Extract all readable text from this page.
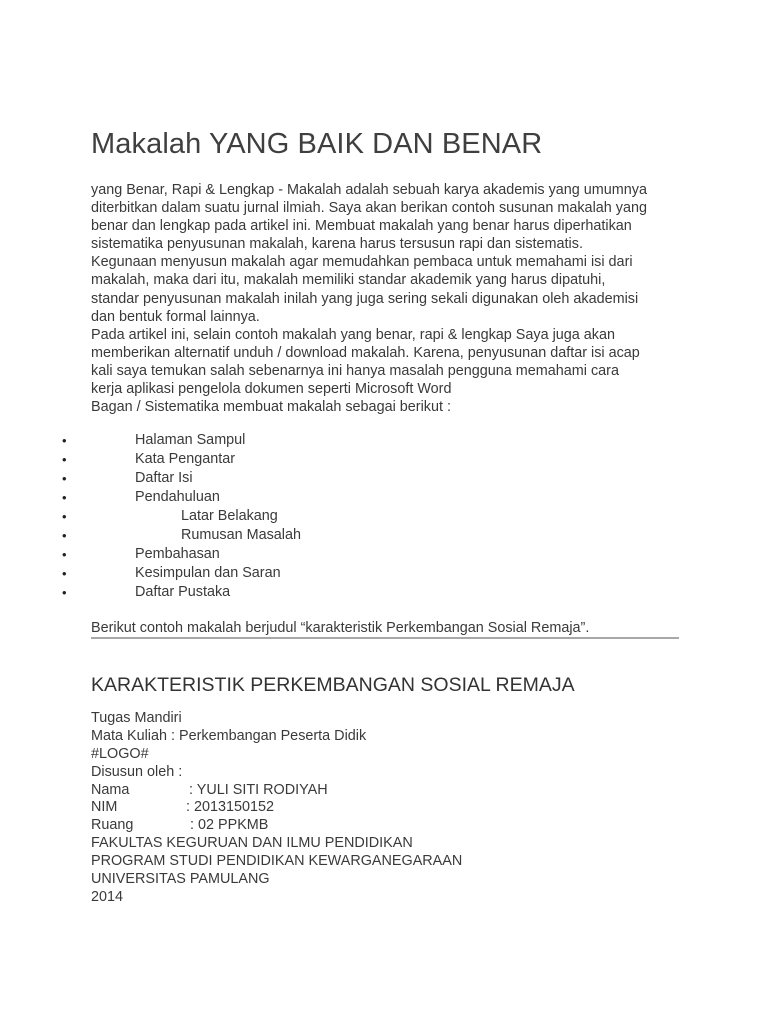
Makalah YANG BAIK DAN BENAR
yang Benar, Rapi & Lengkap - Makalah adalah sebuah karya akademis yang umumnya
diterbitkan dalam suatu jurnal ilmiah. Saya akan berikan contoh susunan makalah yang
benar dan lengkap pada artikel ini. Membuat makalah yang benar harus diperhatikan
sistematika penyusunan makalah, karena harus tersusun rapi dan sistematis.
Kegunaan menyusun makalah agar memudahkan pembaca untuk memahami isi dari
makalah, maka dari itu, makalah memiliki standar akademik yang harus dipatuhi,
standar penyusunan makalah inilah yang juga sering sekali digunakan oleh akademisi
dan bentuk formal lainnya.
Pada artikel ini, selain contoh makalah yang benar, rapi & lengkap Saya juga akan
memberikan alternatif unduh / download makalah. Karena, penyusunan daftar isi acap
kali saya temukan salah sebenarnya ini hanya masalah pengguna memahami cara
kerja aplikasi pengelola dokumen seperti Microsoft Word
Bagan / Sistematika membuat makalah sebagai berikut :
•	Halaman Sampul
•	Kata Pengantar
•	Daftar Isi
•	Pendahuluan
•	Latar Belakang
•	Rumusan Masalah
•	Pembahasan
•	Kesimpulan dan Saran
•	Daftar Pustaka
Berikut contoh makalah berjudul “karakteristik Perkembangan Sosial Remaja”.
KARAKTERISTIK PERKEMBANGAN SOSIAL REMAJA
Tugas Mandiri
Mata Kuliah : Perkembangan Peserta Didik
#LOGO#
Disusun oleh :
Nama	: YULI SITI RODIYAH
NIM	: 2013150152
Ruang	: 02 PPKMB
FAKULTAS KEGURUAN DAN ILMU PENDIDIKAN
PROGRAM STUDI PENDIDIKAN KEWARGANEGARAAN
UNIVERSITAS PAMULANG
2014
